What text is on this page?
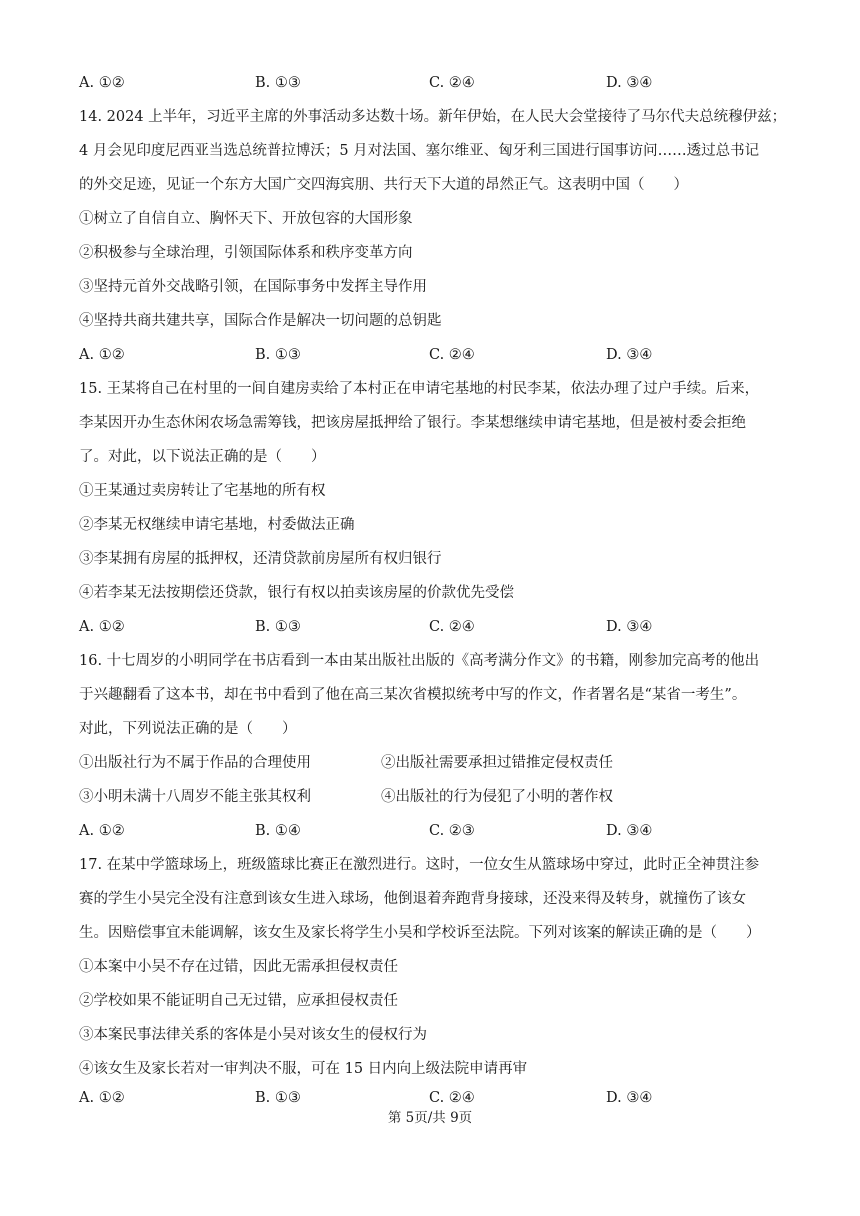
A. ①②	B. ①③	C. ②④	D. ③④
14. 2024 上半年，习近平主席的外事活动多达数十场。新年伊始，在人民大会堂接待了马尔代夫总统穆伊兹；
4 月会见印度尼西亚当选总统普拉博沃；5 月对法国、塞尔维亚、匈牙利三国进行国事访问……透过总书记
的外交足迹，见证一个东方大国广交四海宾朋、共行天下大道的昂然正气。这表明中国（　　）
①树立了自信自立、胸怀天下、开放包容的大国形象
②积极参与全球治理，引领国际体系和秩序变革方向
③坚持元首外交战略引领，在国际事务中发挥主导作用
④坚持共商共建共享，国际合作是解决一切问题的总钥匙
A. ①②	B. ①③	C. ②④	D. ③④
15. 王某将自己在村里的一间自建房卖给了本村正在申请宅基地的村民李某，依法办理了过户手续。后来，
李某因开办生态休闲农场急需筹钱，把该房屋抵押给了银行。李某想继续申请宅基地，但是被村委会拒绝
了。对此，以下说法正确的是（　　）
①王某通过卖房转让了宅基地的所有权
②李某无权继续申请宅基地，村委做法正确
③李某拥有房屋的抵押权，还清贷款前房屋所有权归银行
④若李某无法按期偿还贷款，银行有权以拍卖该房屋的价款优先受偿
A. ①②	B. ①③	C. ②④	D. ③④
16. 十七周岁的小明同学在书店看到一本由某出版社出版的《高考满分作文》的书籍，刚参加完高考的他出
于兴趣翻看了这本书，却在书中看到了他在高三某次省模拟统考中写的作文，作者署名是“某省一考生”。
对此，下列说法正确的是（　　）
①出版社行为不属于作品的合理使用	②出版社需要承担过错推定侵权责任
③小明未满十八周岁不能主张其权利	④出版社的行为侵犯了小明的著作权
A. ①②	B. ①④	C. ②③	D. ③④
17. 在某中学篮球场上，班级篮球比赛正在激烈进行。这时，一位女生从篮球场中穿过，此时正全神贯注参
赛的学生小吴完全没有注意到该女生进入球场，他倒退着奔跑背身接球，还没来得及转身，就撞伤了该女
生。因赔偿事宜未能调解，该女生及家长将学生小吴和学校诉至法院。下列对该案的解读正确的是（　　）
①本案中小吴不存在过错，因此无需承担侵权责任
②学校如果不能证明自己无过错，应承担侵权责任
③本案民事法律关系的客体是小吴对该女生的侵权行为
④该女生及家长若对一审判决不服，可在 15 日内向上级法院申请再审
A. ①②	B. ①③	C. ②④	D. ③④
第 5页/共 9页
